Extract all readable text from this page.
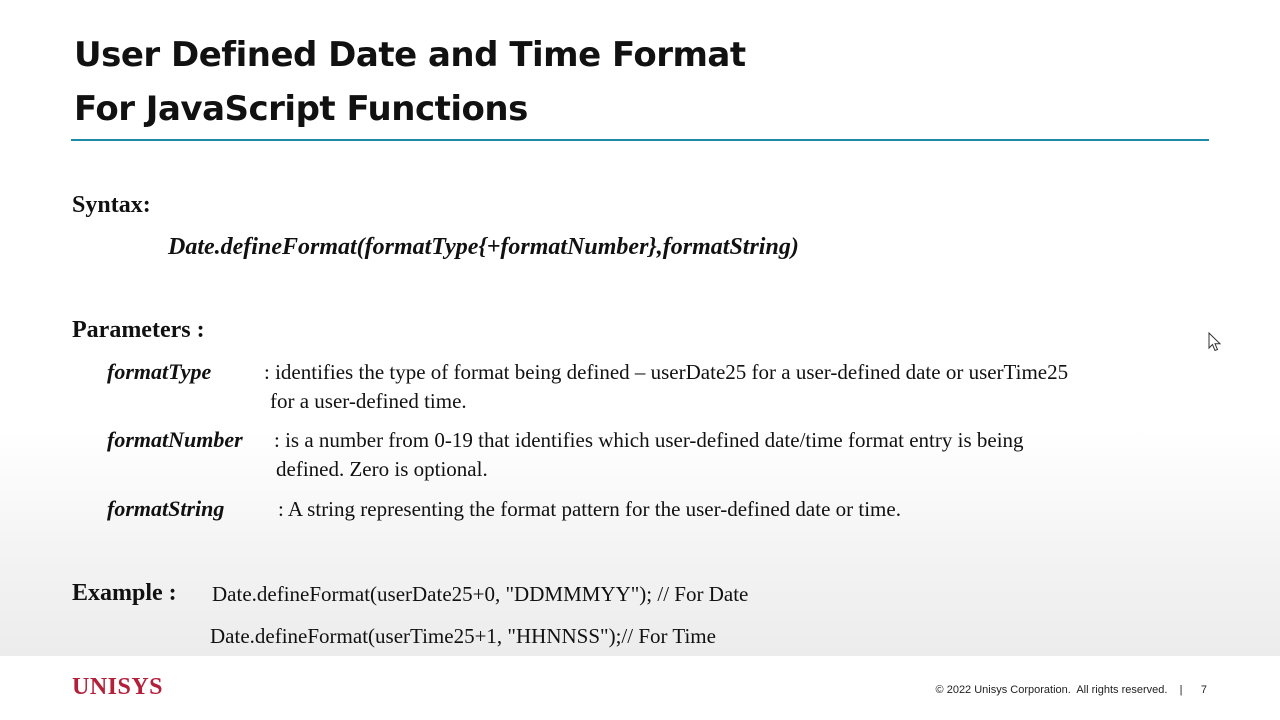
User Defined Date and Time Format
For JavaScript Functions
Syntax:
Date.defineFormat(formatType{+formatNumber},formatString)
Parameters :
formatType	: identifies the type of format being defined – userDate25 for a user-defined date or userTime25
for a user-defined time.
formatNumber : is a number from 0-19 that identifies which user-defined date/time format entry is being
defined. Zero is optional.
formatString	: A string representing the format pattern for the user-defined date or time.
Example : Date.defineFormat(userDate25+0, "DDMMMYY"); // For Date
Date.defineFormat(userTime25+1, "HHNNSS");// For Time
UNISYS	© 2022 Unisys Corporation.  All rights reserved. | 7
